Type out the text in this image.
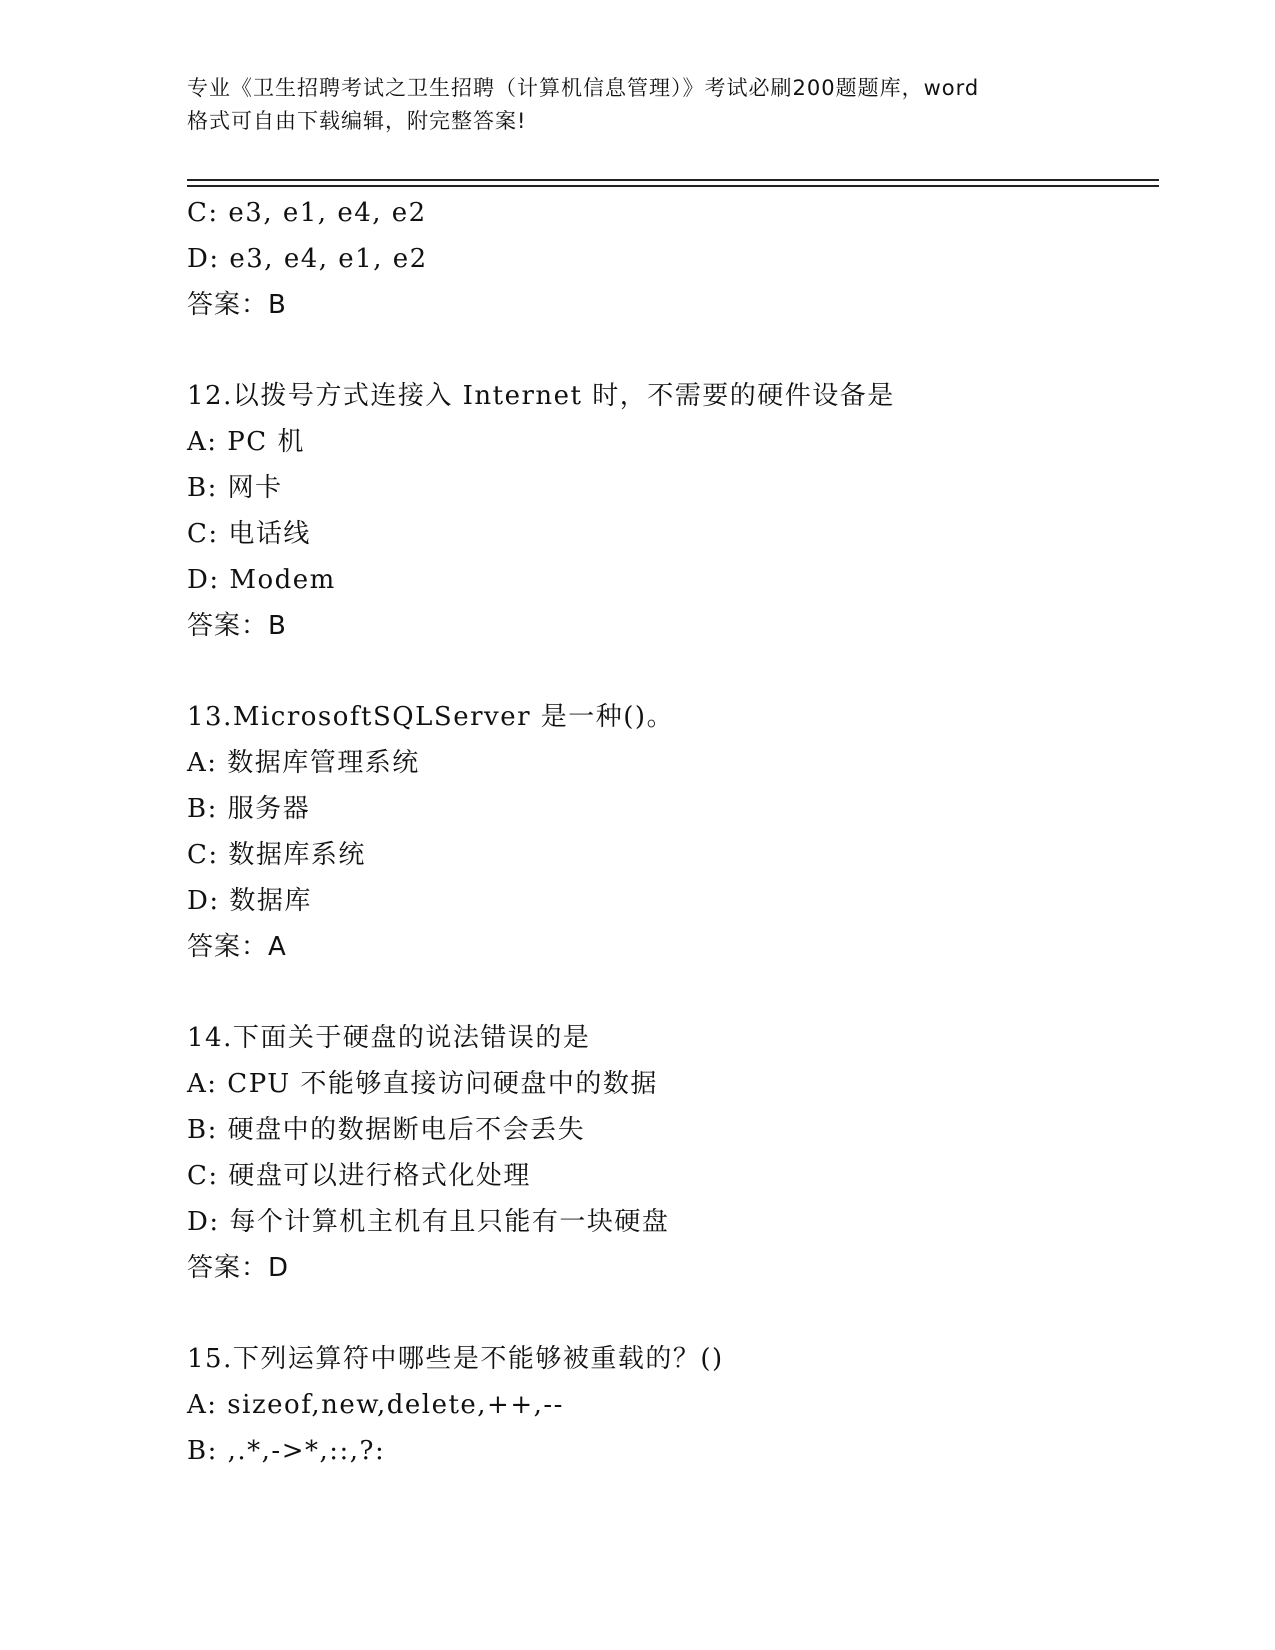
专业《卫生招聘考试之卫生招聘（计算机信息管理）》考试必刷200题题库，word
格式可自由下载编辑，附完整答案!
C: e3, e1, e4, e2
D: e3, e4, e1, e2
答案：B
12.以拨号方式连接入 Internet 时，不需要的硬件设备是
A: PC 机
B: 网卡
C: 电话线
D: Modem
答案：B
13.MicrosoftSQLServer 是一种()。
A: 数据库管理系统
B: 服务器
C: 数据库系统
D: 数据库
答案：A
14.下面关于硬盘的说法错误的是
A: CPU 不能够直接访问硬盘中的数据
B: 硬盘中的数据断电后不会丢失
C: 硬盘可以进行格式化处理
D: 每个计算机主机有且只能有一块硬盘
答案：D
15.下列运算符中哪些是不能够被重载的？()
A: sizeof,new,delete,++,--
B: ,.*,->*,::,?:
